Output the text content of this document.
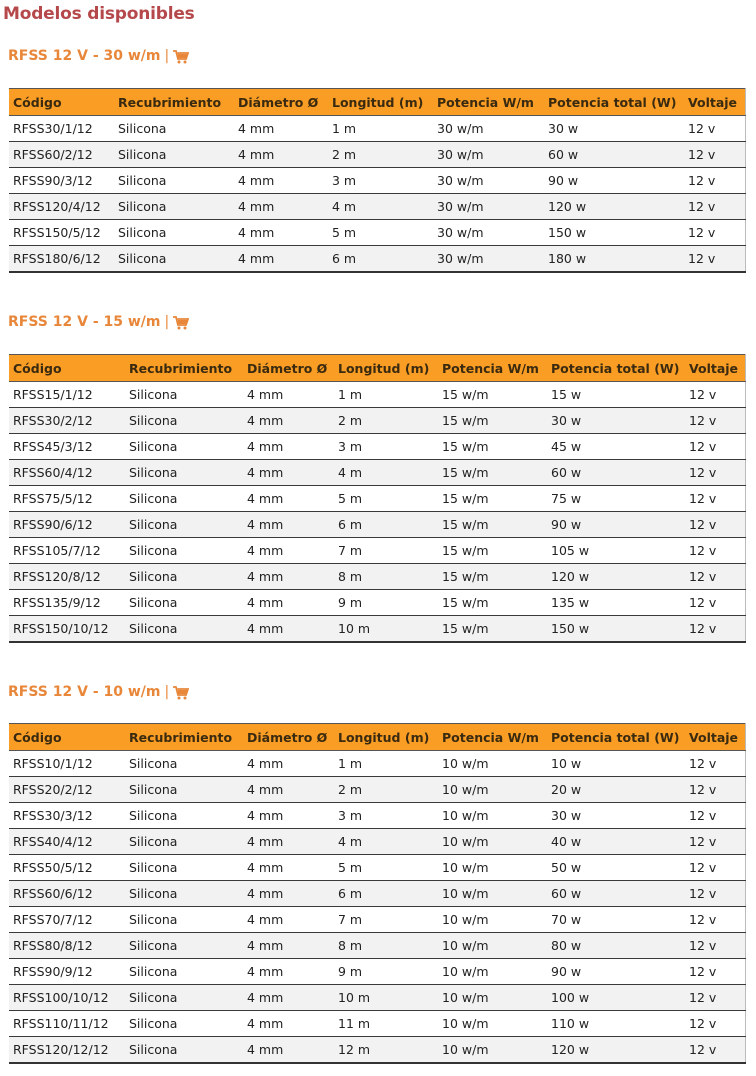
Modelos disponibles
RFSS 12 V - 30 w/m |
Código	Recubrimiento	Diámetro Ø	Longitud (m)	Potencia W/m	Potencia total (W)	Voltaje
RFSS30/1/12	Silicona	4 mm	1 m	30 w/m	30 w	12 v
RFSS60/2/12	Silicona	4 mm	2 m	30 w/m	60 w	12 v
RFSS90/3/12	Silicona	4 mm	3 m	30 w/m	90 w	12 v
RFSS120/4/12	Silicona	4 mm	4 m	30 w/m	120 w	12 v
RFSS150/5/12	Silicona	4 mm	5 m	30 w/m	150 w	12 v
RFSS180/6/12	Silicona	4 mm	6 m	30 w/m	180 w	12 v
RFSS 12 V - 15 w/m |
Código	Recubrimiento	Diámetro Ø	Longitud (m)	Potencia W/m	Potencia total (W)	Voltaje
RFSS15/1/12	Silicona	4 mm	1 m	15 w/m	15 w	12 v
RFSS30/2/12	Silicona	4 mm	2 m	15 w/m	30 w	12 v
RFSS45/3/12	Silicona	4 mm	3 m	15 w/m	45 w	12 v
RFSS60/4/12	Silicona	4 mm	4 m	15 w/m	60 w	12 v
RFSS75/5/12	Silicona	4 mm	5 m	15 w/m	75 w	12 v
RFSS90/6/12	Silicona	4 mm	6 m	15 w/m	90 w	12 v
RFSS105/7/12	Silicona	4 mm	7 m	15 w/m	105 w	12 v
RFSS120/8/12	Silicona	4 mm	8 m	15 w/m	120 w	12 v
RFSS135/9/12	Silicona	4 mm	9 m	15 w/m	135 w	12 v
RFSS150/10/12	Silicona	4 mm	10 m	15 w/m	150 w	12 v
RFSS 12 V - 10 w/m |
Código	Recubrimiento	Diámetro Ø	Longitud (m)	Potencia W/m	Potencia total (W)	Voltaje
RFSS10/1/12	Silicona	4 mm	1 m	10 w/m	10 w	12 v
RFSS20/2/12	Silicona	4 mm	2 m	10 w/m	20 w	12 v
RFSS30/3/12	Silicona	4 mm	3 m	10 w/m	30 w	12 v
RFSS40/4/12	Silicona	4 mm	4 m	10 w/m	40 w	12 v
RFSS50/5/12	Silicona	4 mm	5 m	10 w/m	50 w	12 v
RFSS60/6/12	Silicona	4 mm	6 m	10 w/m	60 w	12 v
RFSS70/7/12	Silicona	4 mm	7 m	10 w/m	70 w	12 v
RFSS80/8/12	Silicona	4 mm	8 m	10 w/m	80 w	12 v
RFSS90/9/12	Silicona	4 mm	9 m	10 w/m	90 w	12 v
RFSS100/10/12	Silicona	4 mm	10 m	10 w/m	100 w	12 v
RFSS110/11/12	Silicona	4 mm	11 m	10 w/m	110 w	12 v
RFSS120/12/12	Silicona	4 mm	12 m	10 w/m	120 w	12 v
